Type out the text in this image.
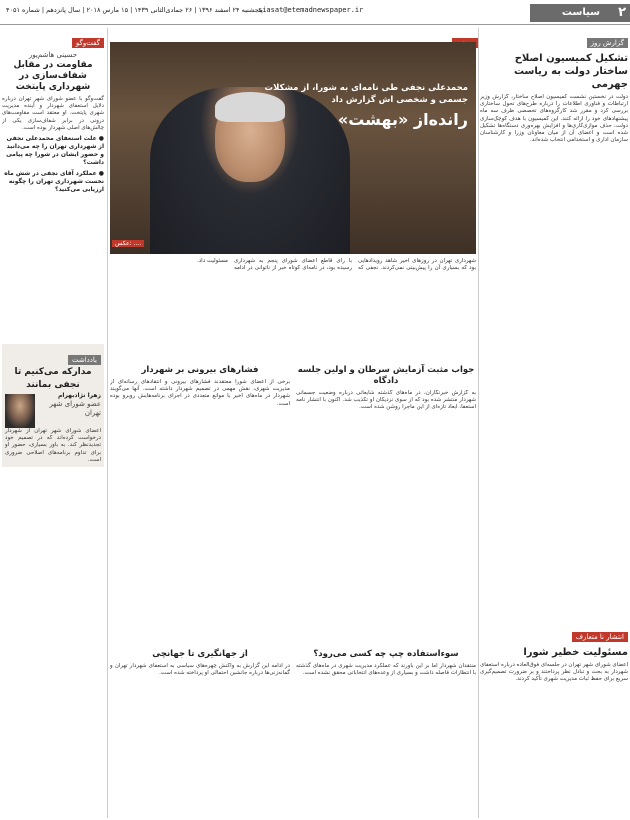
۲
سیاست
siasat@etemadnewspaper.ir
پنجشنبه ۲۴ اسفند ۱۳۹۶ | ۲۶ جمادی‌الثانی ۱۴۳۹ | ۱۵ مارس ۲۰۱۸ | سال پانزدهم | شماره ۴۰۵۱
گزارش روز
تشکیل کمیسیون اصلاح ساختار دولت به ریاست جهرمی
دولت در نخستین نشست کمیسیون اصلاح ساختار، گزارش وزیر ارتباطات و فناوری اطلاعات را درباره طرح‌های تحول ساختاری بررسی کرد و مقرر شد کارگروه‌های تخصصی ظرف سه ماه پیشنهادهای خود را ارائه کنند. این کمیسیون با هدف کوچک‌سازی دولت، حذف موازی‌کاری‌ها و افزایش بهره‌وری دستگاه‌ها تشکیل شده است و اعضای آن از میان معاونان وزرا و کارشناسان سازمان اداری و استخدامی انتخاب شده‌اند.
انتشار نا متعارف
مسئولیت خطیر شورا
اعضای شورای شهر تهران در جلسه‌ای فوق‌العاده درباره استعفای شهردار به بحث و تبادل نظر پرداختند و بر ضرورت تصمیم‌گیری سریع برای حفظ ثبات مدیریت شهری تأکید کردند.
محمدعلی نجفی طی نامه‌ای به شورا، از مشکلات جسمی و شخصی اش گزارش داد
رانده‌از «بهشت»
عکس: ....
شهرداری تهران در روزهای اخیر شاهد رویدادهایی بود که بسیاری آن را پیش‌بینی نمی‌کردند. نجفی که با رأی قاطع اعضای شورای پنجم به شهرداری رسیده بود، در نامه‌ای کوتاه خبر از ناتوانی در ادامه مسئولیت داد.
جواب مثبت آزمایش سرطان و اولین جلسه دادگاه
به گزارش خبرنگاران، در ماه‌های گذشته شایعاتی درباره وضعیت جسمانی شهردار منتشر شده بود که از سوی نزدیکان او تکذیب شد. اکنون با انتشار نامه استعفا، ابعاد تازه‌ای از این ماجرا روشن شده است.
فشارهای بیرونی بر شهردار
برخی از اعضای شورا معتقدند فشارهای بیرونی و انتقادهای رسانه‌ای از مدیریت شهری، نقش مهمی در تصمیم شهردار داشته است. آنها می‌گویند شهردار در ماه‌های اخیر با موانع متعددی در اجرای برنامه‌هایش روبرو بوده است.
سوءاستفاده چپ چه کسی می‌رود؟
منتقدان شهردار اما بر این باورند که عملکرد مدیریت شهری در ماه‌های گذشته با انتظارات فاصله داشت و بسیاری از وعده‌های انتخاباتی محقق نشده است.
از جهانگیری تا جهانچی
در ادامه این گزارش به واکنش چهره‌های سیاسی به استعفای شهردار تهران و گمانه‌زنی‌ها درباره جانشین احتمالی او پرداخته شده است.
گفت‌وگو
حسینی هاشم‌پور
مقاومت در مقابل شفاف‌سازی در شهرداری پایتخت
گفت‌وگو با عضو شورای شهر تهران درباره دلایل استعفای شهردار و آینده مدیریت شهری پایتخت. او معتقد است مقاومت‌های درونی در برابر شفاف‌سازی یکی از چالش‌های اصلی شهردار بوده است.
● علت استعفای محمدعلی نجفی از شهرداری تهران را چه می‌دانید و حضور ایشان در شورا چه پیامی داشت؟
● عملکرد آقای نجفی در شش ماه نخست شهرداری تهران را چگونه ارزیابی می‌کنید؟
یادداشت
مدارکه می‌کنیم تا نجفی بمانند
زهرا نژادبهرام
عضو شورای شهر تهران
اعضای شورای شهر تهران از شهردار درخواست کرده‌اند که در تصمیم خود تجدیدنظر کند. به باور بسیاری، حضور او برای تداوم برنامه‌های اصلاحی ضروری است.
